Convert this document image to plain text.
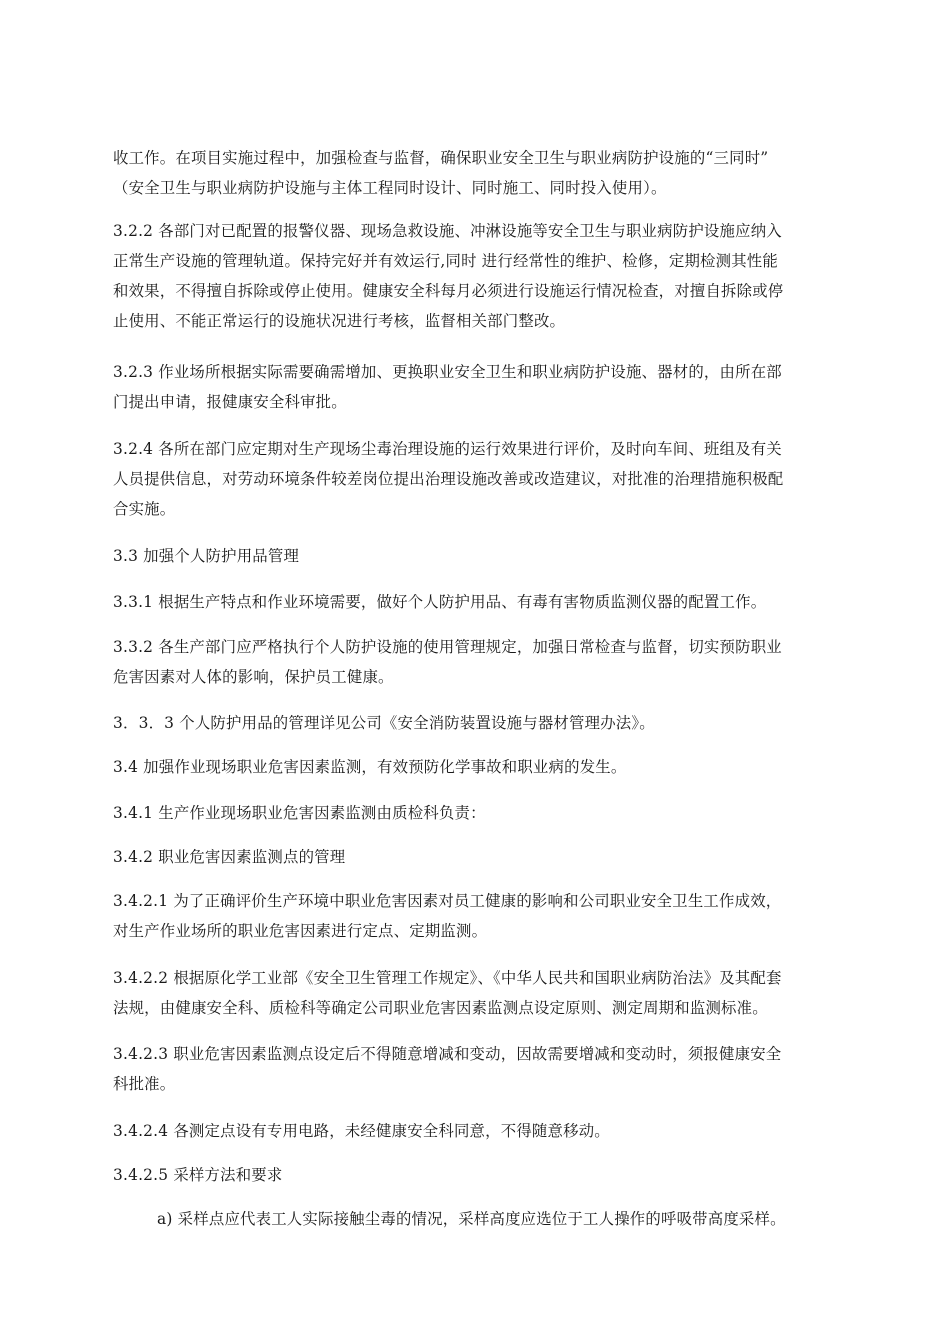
收工作。在项目实施过程中，加强检查与监督，确保职业安全卫生与职业病防护设施的“三同时”
（安全卫生与职业病防护设施与主体工程同时设计、同时施工、同时投入使用）。
3.2.2 各部门对已配置的报警仪器、现场急救设施、冲淋设施等安全卫生与职业病防护设施应纳入
正常生产设施的管理轨道。保持完好并有效运行,同时 进行经常性的维护、检修，定期检测其性能
和效果，不得擅自拆除或停止使用。健康安全科每月必须进行设施运行情况检查，对擅自拆除或停
止使用、不能正常运行的设施状况进行考核，监督相关部门整改。
3.2.3 作业场所根据实际需要确需增加、更换职业安全卫生和职业病防护设施、器材的，由所在部
门提出申请，报健康安全科审批。
3.2.4 各所在部门应定期对生产现场尘毒治理设施的运行效果进行评价，及时向车间、班组及有关
人员提供信息，对劳动环境条件较差岗位提出治理设施改善或改造建议，对批准的治理措施积极配
合实施。
3.3 加强个人防护用品管理
3.3.1 根据生产特点和作业环境需要，做好个人防护用品、有毒有害物质监测仪器的配置工作。
3.3.2 各生产部门应严格执行个人防护设施的使用管理规定，加强日常检查与监督，切实预防职业
危害因素对人体的影响，保护员工健康。
3．3．3 个人防护用品的管理详见公司《安全消防装置设施与器材管理办法》。
3.4 加强作业现场职业危害因素监测，有效预防化学事故和职业病的发生。
3.4.1 生产作业现场职业危害因素监测由质检科负责：
3.4.2 职业危害因素监测点的管理
3.4.2.1 为了正确评价生产环境中职业危害因素对员工健康的影响和公司职业安全卫生工作成效，
对生产作业场所的职业危害因素进行定点、定期监测。
3.4.2.2 根据原化学工业部《安全卫生管理工作规定》、《中华人民共和国职业病防治法》及其配套
法规，由健康安全科、质检科等确定公司职业危害因素监测点设定原则、测定周期和监测标准。
3.4.2.3 职业危害因素监测点设定后不得随意增减和变动，因故需要增减和变动时，须报健康安全
科批准。
3.4.2.4 各测定点设有专用电路，未经健康安全科同意，不得随意移动。
3.4.2.5 采样方法和要求
a) 采样点应代表工人实际接触尘毒的情况，采样高度应选位于工人操作的呼吸带高度采样。
